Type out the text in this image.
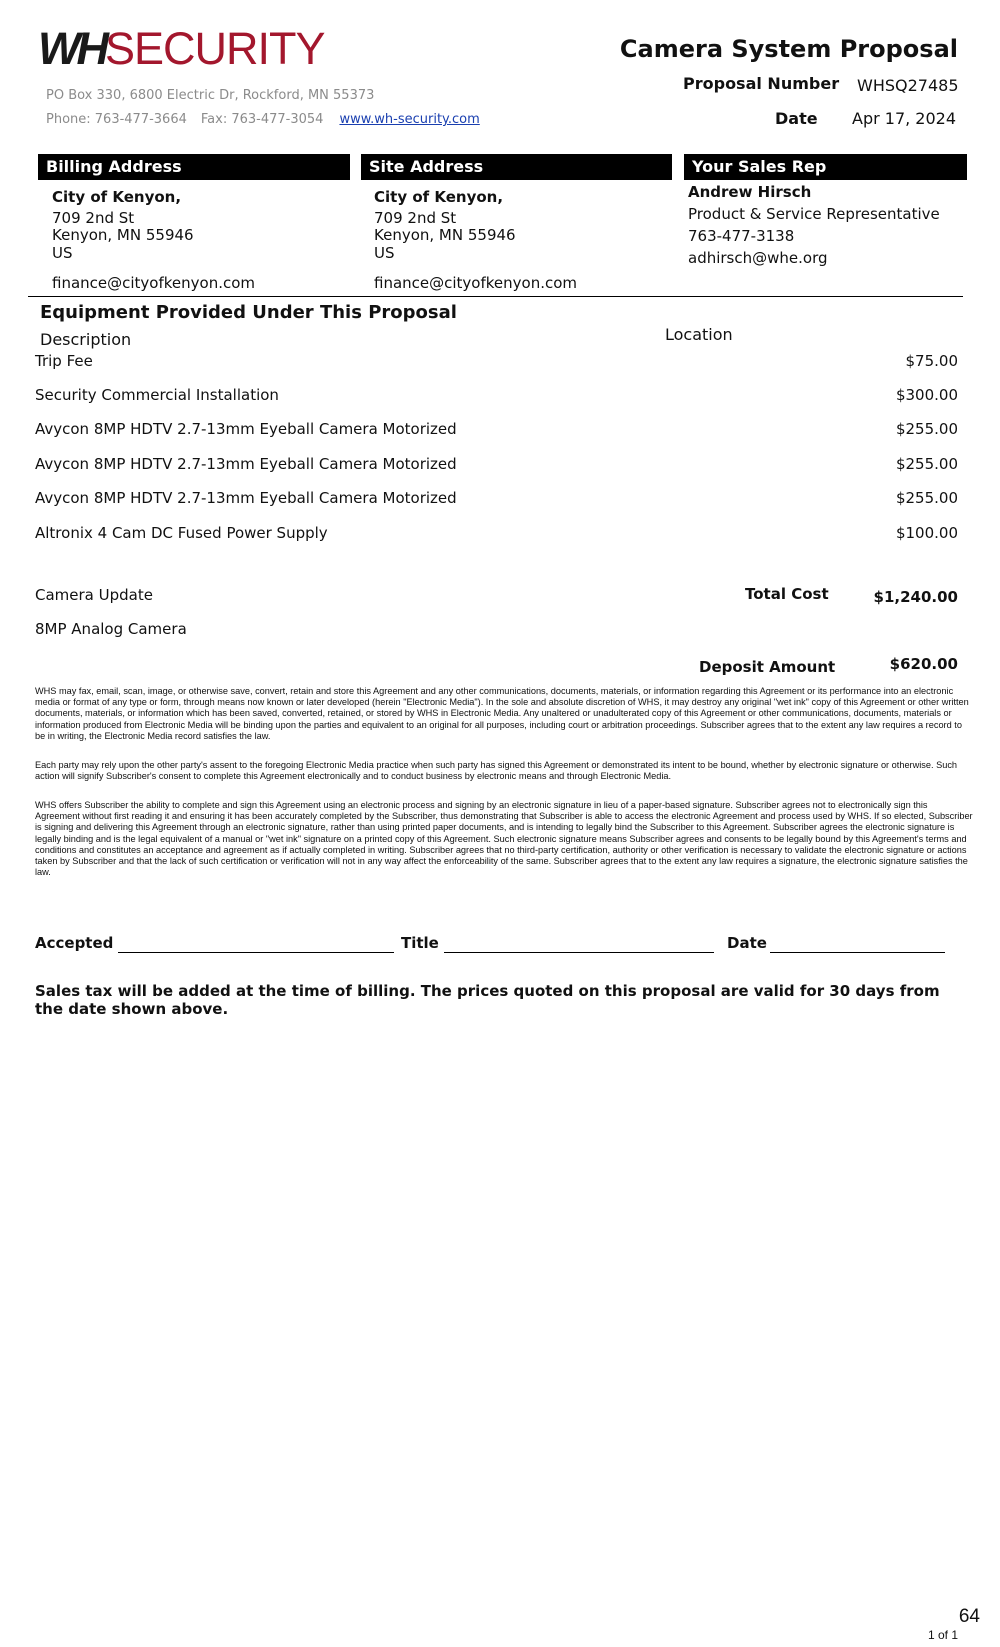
WHSECURITY
PO Box 330, 6800 Electric Dr, Rockford, MN 55373
Phone: 763-477-3664 Fax: 763-477-3054 www.wh-security.com
Camera System Proposal
Proposal Number WHSQ27485
Date Apr 17, 2024
Billing Address	Site Address	Your Sales Rep
City of Kenyon,
709 2nd St
Kenyon, MN 55946
US
finance@cityofkenyon.com
City of Kenyon,
709 2nd St
Kenyon, MN 55946
US
finance@cityofkenyon.com
Andrew Hirsch
Product & Service Representative
763-477-3138
adhirsch@whe.org
Equipment Provided Under This Proposal
Description	Location
Trip Fee	$75.00
Security Commercial Installation	$300.00
Avycon 8MP HDTV 2.7-13mm Eyeball Camera Motorized	$255.00
Avycon 8MP HDTV 2.7-13mm Eyeball Camera Motorized	$255.00
Avycon 8MP HDTV 2.7-13mm Eyeball Camera Motorized	$255.00
Altronix 4 Cam DC Fused Power Supply	$100.00
Camera Update
8MP Analog Camera
Total Cost	$1,240.00
Deposit Amount	$620.00
WHS may fax, email, scan, image, or otherwise save, convert, retain and store this Agreement and any other communications, documents, materials, or information regarding this Agreement or its performance into an electronic media or format of any type or form, through means now known or later developed (herein "Electronic Media"). In the sole and absolute discretion of WHS, it may destroy any original "wet ink" copy of this Agreement or other written documents, materials, or information which has been saved, converted, retained, or stored by WHS in Electronic Media. Any unaltered or unadulterated copy of this Agreement or other communications, documents, materials or information produced from Electronic Media will be binding upon the parties and equivalent to an original for all purposes, including court or arbitration proceedings. Subscriber agrees that to the extent any law requires a record to be in writing, the Electronic Media record satisfies the law.
Each party may rely upon the other party's assent to the foregoing Electronic Media practice when such party has signed this Agreement or demonstrated its intent to be bound, whether by electronic signature or otherwise. Such action will signify Subscriber's consent to complete this Agreement electronically and to conduct business by electronic means and through Electronic Media.
WHS offers Subscriber the ability to complete and sign this Agreement using an electronic process and signing by an electronic signature in lieu of a paper-based signature. Subscriber agrees not to electronically sign this Agreement without first reading it and ensuring it has been accurately completed by the Subscriber, thus demonstrating that Subscriber is able to access the electronic Agreement and process used by WHS. If so elected, Subscriber is signing and delivering this Agreement through an electronic signature, rather than using printed paper documents, and is intending to legally bind the Subscriber to this Agreement. Subscriber agrees the electronic signature is legally binding and is the legal equivalent of a manual or "wet ink" signature on a printed copy of this Agreement. Such electronic signature means Subscriber agrees and consents to be legally bound by this Agreement's terms and conditions and constitutes an acceptance and agreement as if actually completed in writing. Subscriber agrees that no third-party certification, authority or other verification is necessary to validate the electronic signature or actions taken by Subscriber and that the lack of such certification or verification will not in any way affect the enforceability of the same. Subscriber agrees that to the extent any law requires a signature, the electronic signature satisfies the law.
Accepted	Title	Date
Sales tax will be added at the time of billing. The prices quoted on this proposal are valid for 30 days from the date shown above.
64
1 of 1
